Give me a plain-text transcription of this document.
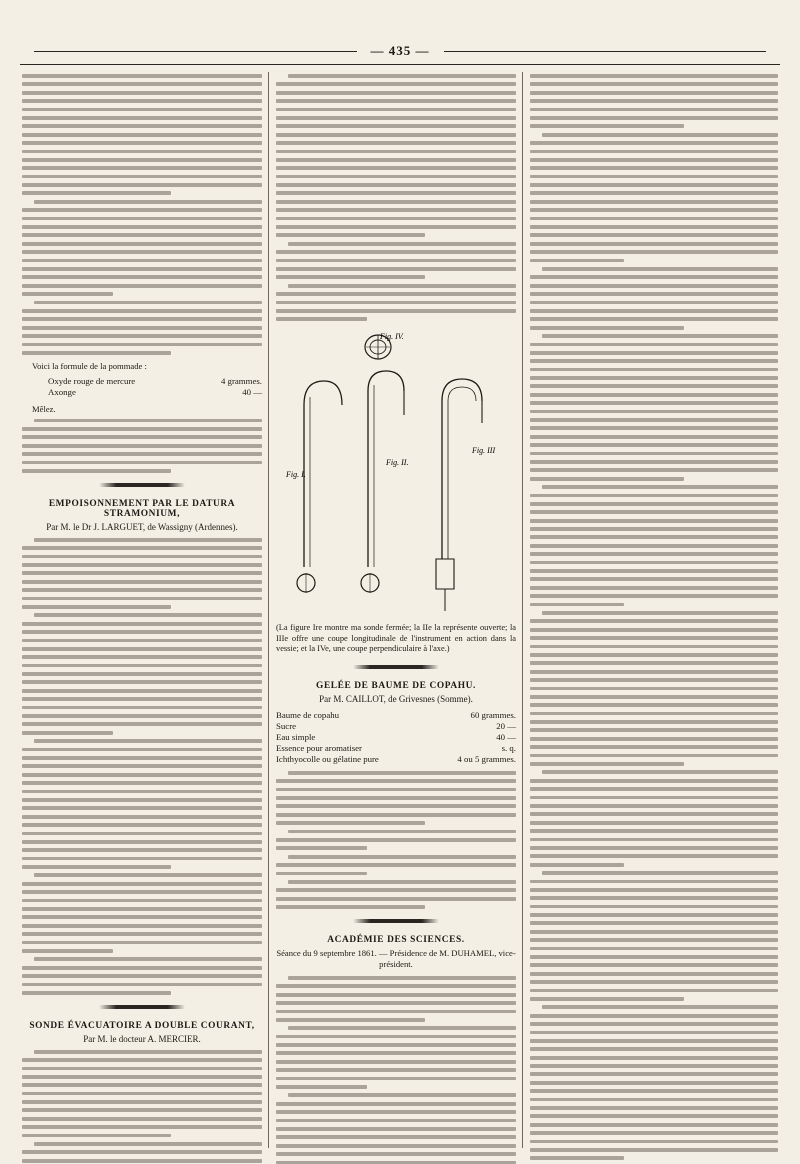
— 435 —
Voici la formule de la pommade :
Oxyde rouge de mercure	4 grammes.
Axonge	40 —
Mêlez.
EMPOISONNEMENT PAR LE DATURA STRAMONIUM,
Par M. le Dr J. LARGUET, de Wassigny (Ardennes).
SONDE ÉVACUATOIRE A DOUBLE COURANT,
Par M. le docteur A. MERCIER.
Fig. IV.
Fig. I.
Fig. II.
Fig. III
(La figure Ire montre ma sonde fermée; la IIe la représente ouverte; la IIIe offre une coupe longitudinale de l'instrument en action dans la vessie; et la IVe, une coupe perpendiculaire à l'axe.)
GELÉE DE BAUME DE COPAHU.
Par M. CAILLOT, de Grivesnes (Somme).
Baume de copahu	60 grammes.
Sucre	20 —
Eau simple	40 —
Essence pour aromatiser	s. q.
Ichthyocolle ou gélatine pure	4 ou 5 grammes.
ACADÉMIE DES SCIENCES.
Séance du 9 septembre 1861. — Présidence de M. DUHAMEL, vice-président.
